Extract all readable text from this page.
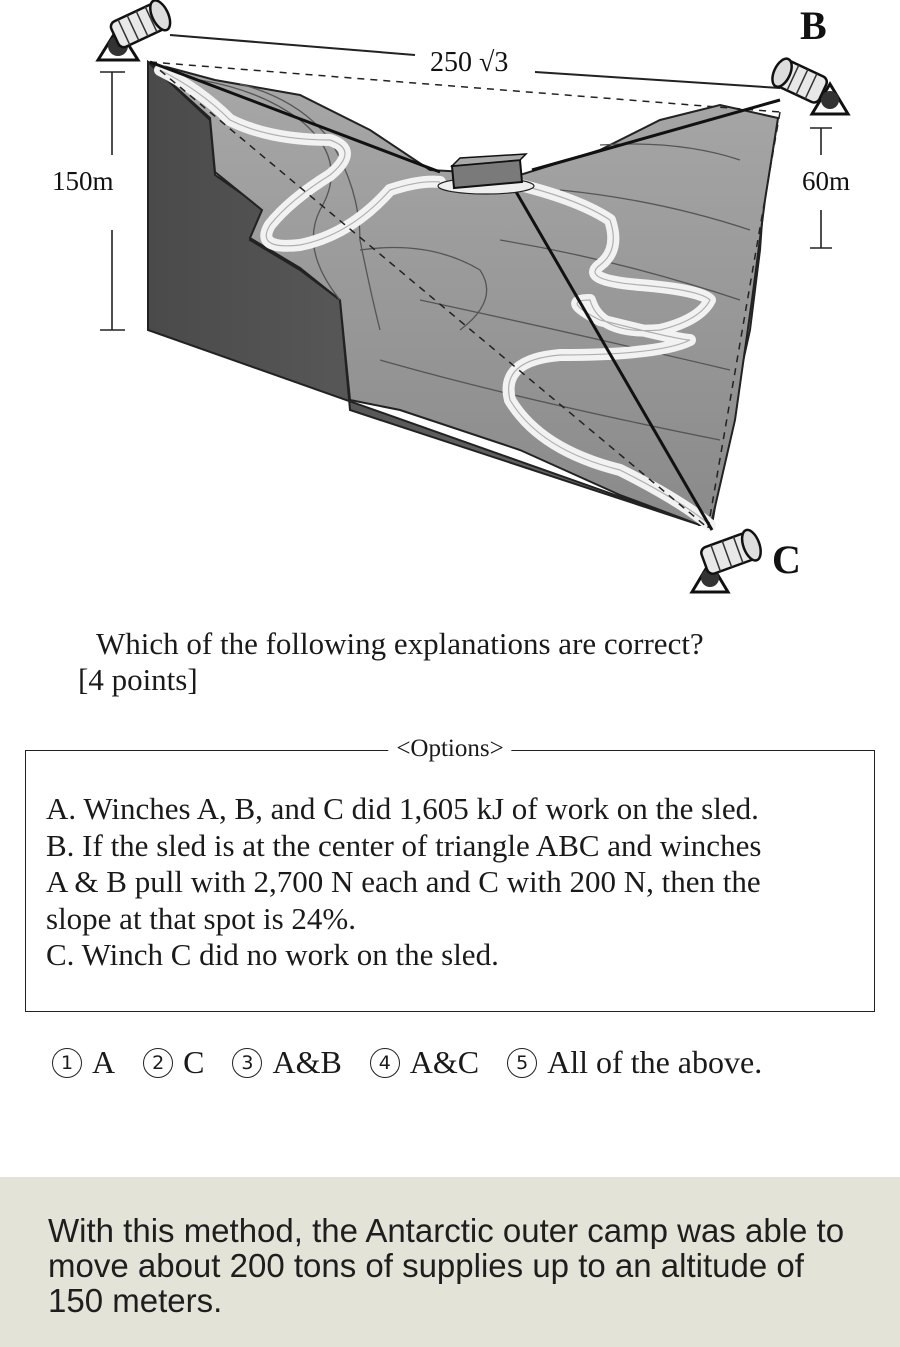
B
C
250 √3
150m	60m
Which of the following explanations are correct?
[4 points]
<Options>
A. Winches A, B, and C did 1,605 kJ of work on the sled.
B. If the sled is at the center of triangle ABC and winches
A & B pull with 2,700 N each and C with 200 N, then the
slope at that spot is 24%.
C. Winch C did no work on the sled.
1 A	2 C	3 A&B	4 A&C	5 All of the above.
With this method, the Antarctic outer camp was able to move about 200 tons of supplies up to an altitude of 150 meters.
